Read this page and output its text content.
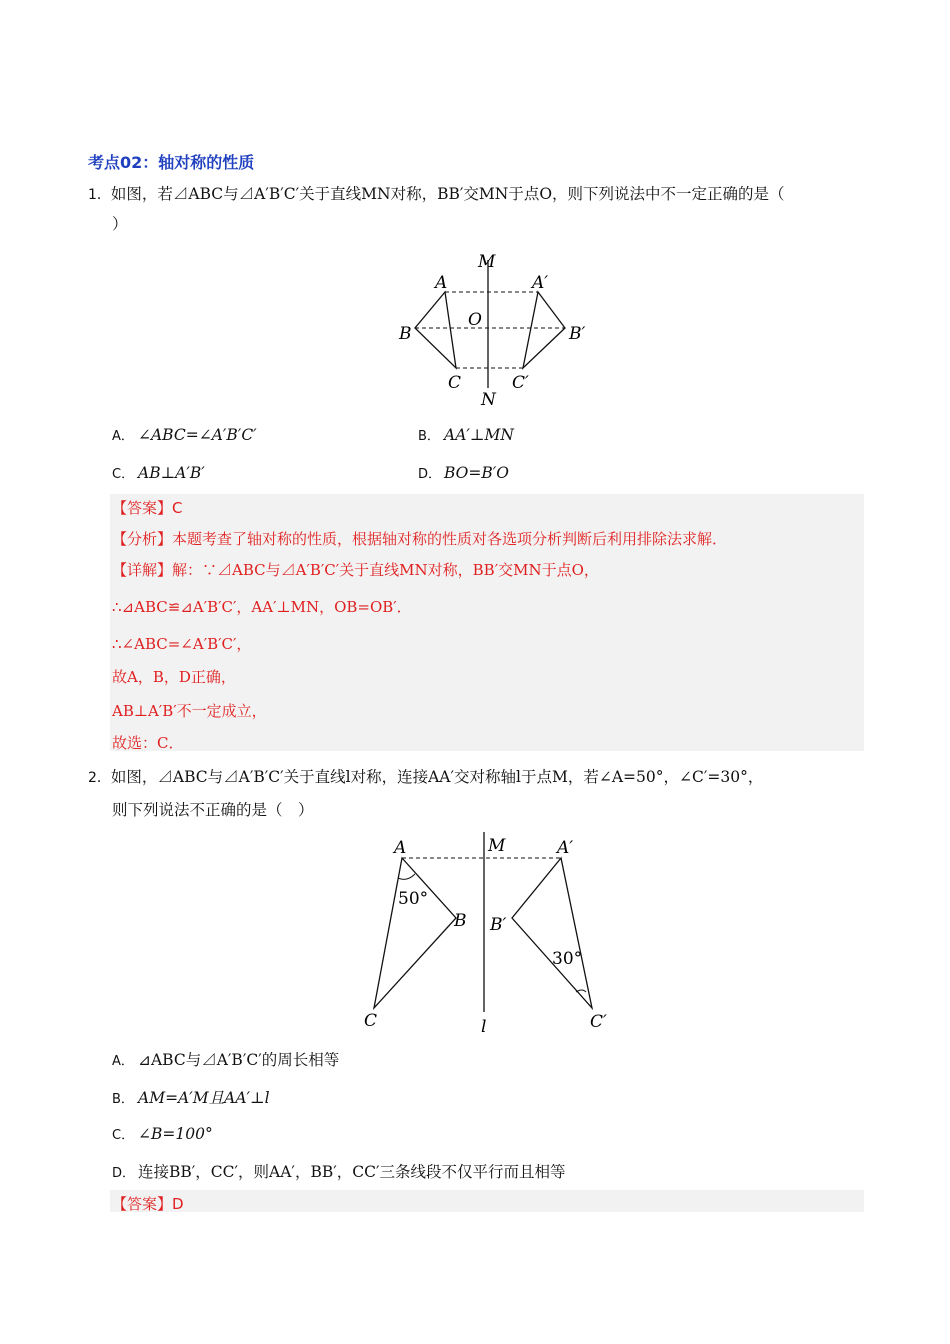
考点02：轴对称的性质
1．如图，若⊿ABC与⊿A′B′C′关于直线MN对称，BB′交MN于点O，则下列说法中不一定正确的是（
）
M
N
O
A
B
C
A′
B′
C′
A． ∠ABC=∠A′B′C′	B． AA′⊥MN
C． AB⊥A′B′	D． BO=B′O
【答案】C
【分析】本题考查了轴对称的性质，根据轴对称的性质对各选项分析判断后利用排除法求解．
【详解】解：∵⊿ABC与⊿A′B′C′关于直线MN对称，BB′交MN于点O，
∴⊿ABC≌⊿A′B′C′，AA′⊥MN，OB=OB′．
∴∠ABC=∠A′B′C′，
故A，B，D正确，
AB⊥A′B′不一定成立，
故选：C．
2．如图，⊿ABC与⊿A′B′C′关于直线l对称，连接AA′交对称轴l于点M，若∠A=50°，∠C′=30°，
则下列说法不正确的是（　）
A
B
C
A′
B′
C′
M
l
50°
30°
A． ⊿ABC与⊿A′B′C′的周长相等
B． AM=A′M且AA′⊥l
C． ∠B=100°
D． 连接BB′，CC′，则AA′，BB′，CC′三条线段不仅平行而且相等
【答案】D
